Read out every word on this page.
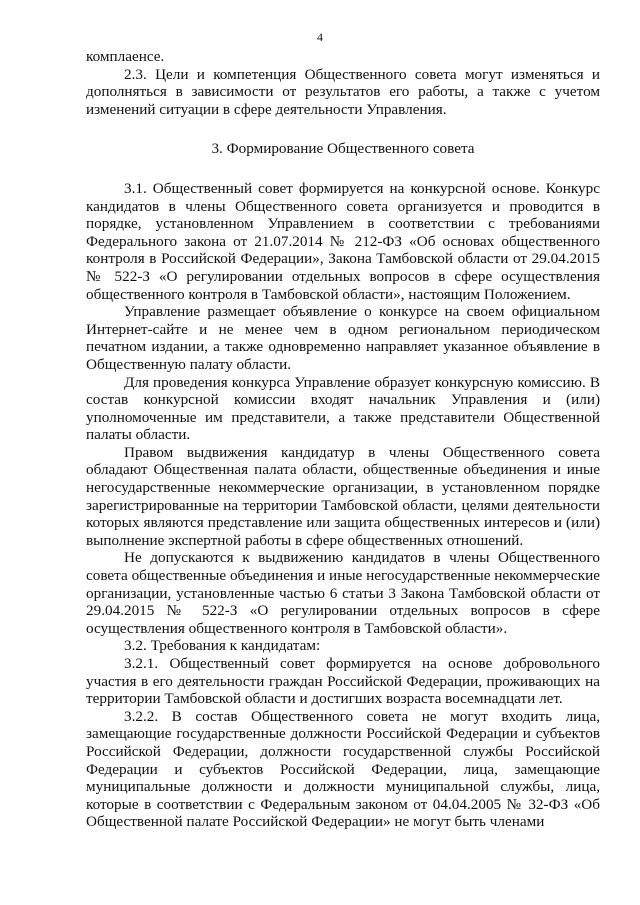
4

комплаенсе.

2.3. Цели и компетенция Общественного совета могут изменяться и дополняться в зависимости от результатов его работы, а также с учетом изменений ситуации в сфере деятельности Управления.

3. Формирование Общественного совета

3.1. Общественный совет формируется на конкурсной основе. Конкурс кандидатов в члены Общественного совета организуется и проводится в порядке, установленном Управлением в соответствии с требованиями Федерального закона от 21.07.2014 № 212-ФЗ «Об основах общественного контроля в Российской Федерации», Закона Тамбовской области от 29.04.2015 № 522-З «О регулировании отдельных вопросов в сфере осуществления общественного контроля в Тамбовской области», настоящим Положением.

Управление размещает объявление о конкурсе на своем официальном Интернет-сайте и не менее чем в одном региональном периодическом печатном издании, а также одновременно направляет указанное объявление в Общественную палату области.

Для проведения конкурса Управление образует конкурсную комиссию. В состав конкурсной комиссии входят начальник Управления и (или) уполномоченные им представители, а также представители Общественной палаты области.

Правом выдвижения кандидатур в члены Общественного совета обладают Общественная палата области, общественные объединения и иные негосударственные некоммерческие организации, в установленном порядке зарегистрированные на территории Тамбовской области, целями деятельности которых являются представление или защита общественных интересов и (или) выполнение экспертной работы в сфере общественных отношений.

Не допускаются к выдвижению кандидатов в члены Общественного совета общественные объединения и иные негосударственные некоммерческие организации, установленные частью 6 статьи 3 Закона Тамбовской области от 29.04.2015 № 522-З «О регулировании отдельных вопросов в сфере осуществления общественного контроля в Тамбовской области».

3.2. Требования к кандидатам:

3.2.1. Общественный совет формируется на основе добровольного участия в его деятельности граждан Российской Федерации, проживающих на территории Тамбовской области и достигших возраста восемнадцати лет.

3.2.2. В состав Общественного совета не могут входить лица, замещающие государственные должности Российской Федерации и субъектов Российской Федерации, должности государственной службы Российской Федерации и субъектов Российской Федерации, лица, замещающие муниципальные должности и должности муниципальной службы, лица, которые в соответствии с Федеральным законом от 04.04.2005 № 32-ФЗ «Об Общественной палате Российской Федерации» не могут быть членами
